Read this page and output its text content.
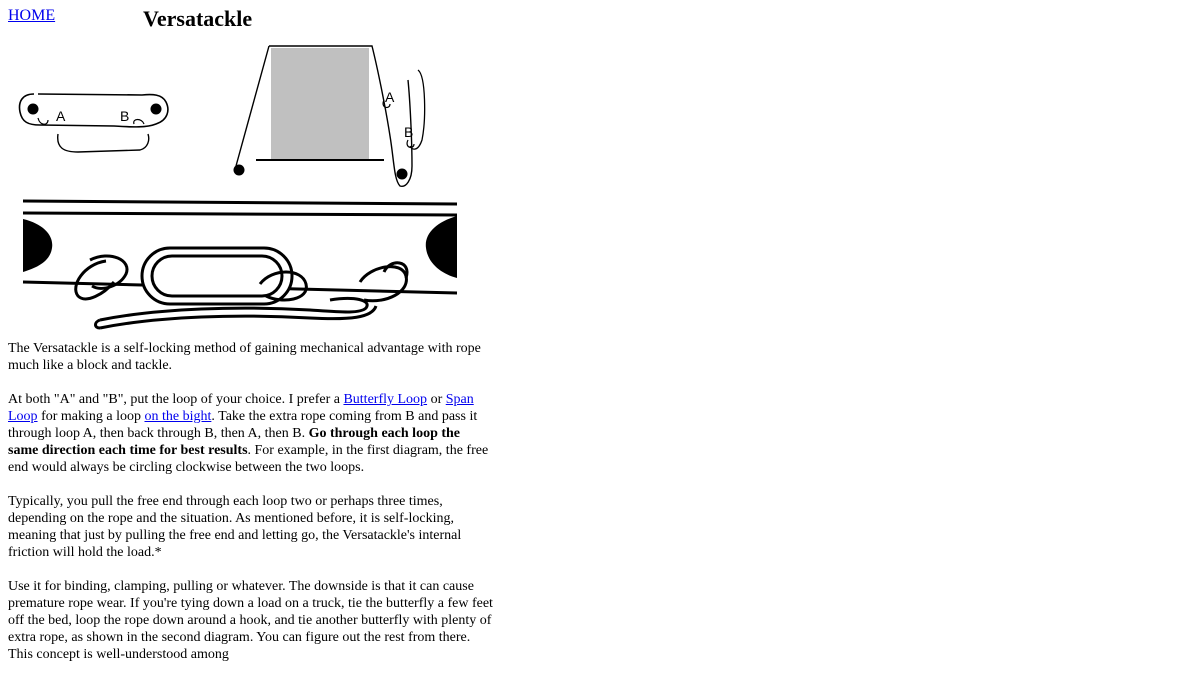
HOME	Versatackle
A	B
A
B

The Versatackle is a self-locking method of gaining mechanical advantage with rope much like a block and tackle.

At both "A" and "B", put the loop of your choice. I prefer a Butterfly Loop or Span Loop for making a loop on the bight. Take the extra rope coming from B and pass it through loop A, then back through B, then A, then B. Go through each loop the same direction each time for best results. For example, in the first diagram, the free end would always be circling clockwise between the two loops.

Typically, you pull the free end through each loop two or perhaps three times, depending on the rope and the situation. As mentioned before, it is self-locking, meaning that just by pulling the free end and letting go, the Versatackle's internal friction will hold the load.*

Use it for binding, clamping, pulling or whatever. The downside is that it can cause premature rope wear. If you're tying down a load on a truck, tie the butterfly a few feet off the bed, loop the rope down around a hook, and tie another butterfly with plenty of extra rope, as shown in the second diagram. You can figure out the rest from there. This concept is well-understood among
